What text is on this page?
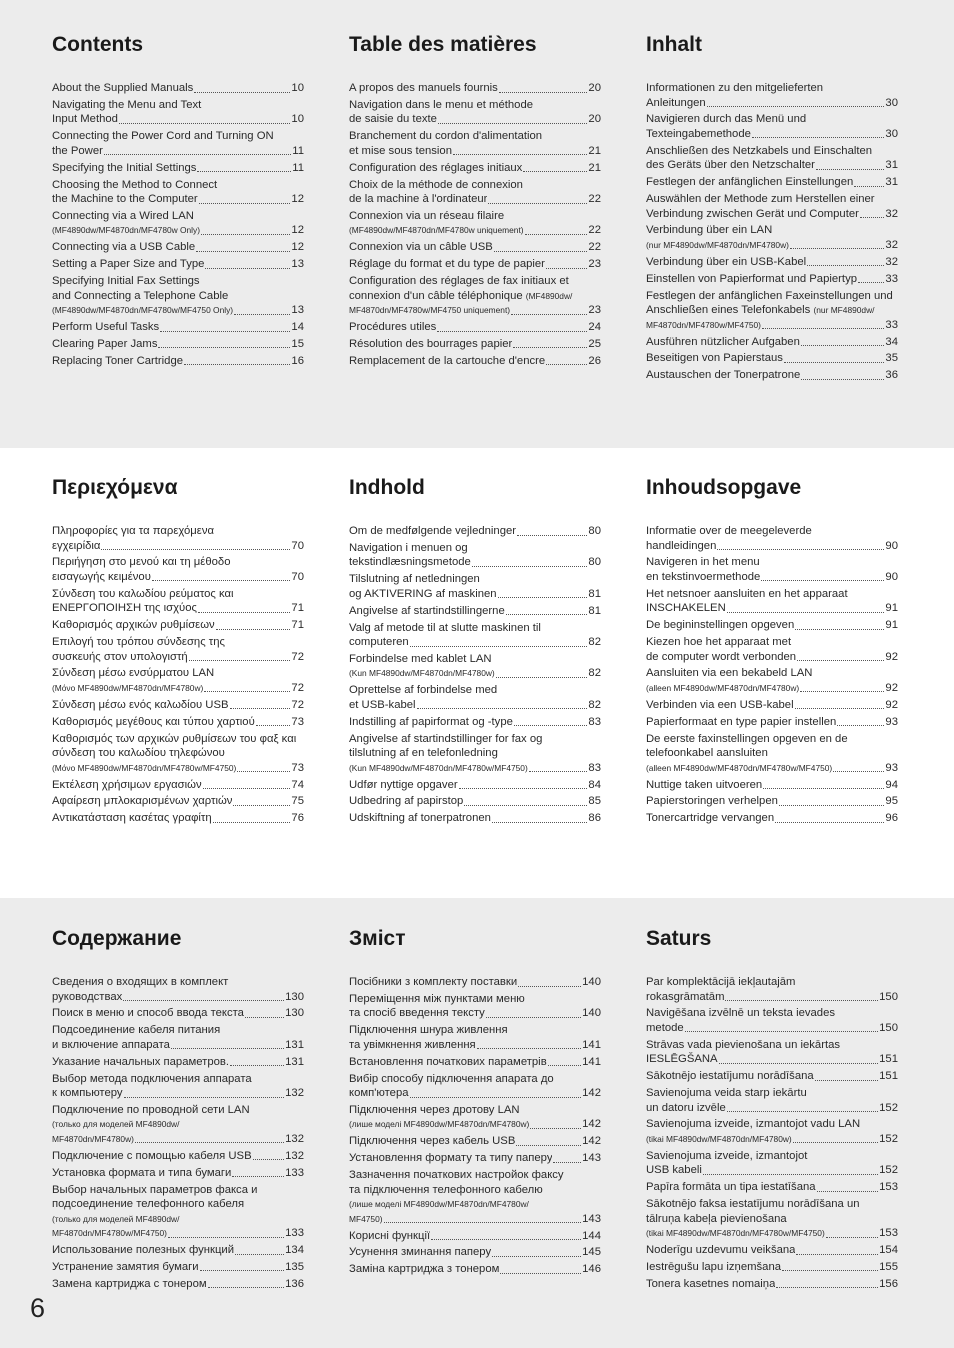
Contents
About the Supplied Manuals	10
Navigating the Menu and Text
Input Method	10
Connecting the Power Cord and Turning ON
the Power	11
Specifying the Initial Settings	11
Choosing the Method to Connect
the Machine to the Computer	12
Connecting via a Wired LAN
(MF4890dw/MF4870dn/MF4780w Only)	12
Connecting via a USB Cable	12
Setting a Paper Size and Type	13
Specifying Initial Fax Settings
and Connecting a Telephone Cable
(MF4890dw/MF4870dn/MF4780w/MF4750 Only)	13
Perform Useful Tasks	14
Clearing Paper Jams	15
Replacing Toner Cartridge	16
Table des matières
A propos des manuels fournis	20
Navigation dans le menu et méthode
de saisie du texte	20
Branchement du cordon d'alimentation
et mise sous tension	21
Configuration des réglages initiaux	21
Choix de la méthode de connexion
de la machine à l'ordinateur	22
Connexion via un réseau filaire
(MF4890dw/MF4870dn/MF4780w uniquement)	22
Connexion via un câble USB	22
Réglage du format et du type de papier	23
Configuration des réglages de fax initiaux et
connexion d'un câble téléphonique (MF4890dw/
MF4870dn/MF4780w/MF4750 uniquement)	23
Procédures utiles	24
Résolution des bourrages papier	25
Remplacement de la cartouche d'encre	26
Inhalt
Informationen zu den mitgelieferten
Anleitungen	30
Navigieren durch das Menü und
Texteingabemethode	30
Anschließen des Netzkabels und Einschalten
des Geräts über den Netzschalter	31
Festlegen der anfänglichen Einstellungen	31
Auswählen der Methode zum Herstellen einer
Verbindung zwischen Gerät und Computer 32
Verbindung über ein LAN
(nur MF4890dw/MF4870dn/MF4780w)	32
Verbindung über ein USB-Kabel	32
Einstellen von Papierformat und Papiertyp	33
Festlegen der anfänglichen Faxeinstellungen und
Anschließen eines Telefonkabels (nur MF4890dw/
MF4870dn/MF4780w/MF4750)	33
Ausführen nützlicher Aufgaben	34
Beseitigen von Papierstaus	35
Austauschen der Tonerpatrone	36
Περιεχόμενα
Πληροφορίες για τα παρεχόμενα
εγχειρίδια	70
Περιήγηση στο μενού και τη μέθοδο
εισαγωγής κειμένου	70
Σύνδεση του καλωδίου ρεύματος και
ΕΝΕΡΓΟΠΟΙΗΣΗ της ισχύος	71
Καθορισμός αρχικών ρυθμίσεων	71
Επιλογή του τρόπου σύνδεσης της
συσκευής στον υπολογιστή	72
Σύνδεση μέσω ενσύρματου LAN
(Μόνο MF4890dw/MF4870dn/MF4780w)	72
Σύνδεση μέσω ενός καλωδίου USB	72
Καθορισμός μεγέθους και τύπου χαρτιού	73
Καθορισμός των αρχικών ρυθμίσεων του φαξ και
σύνδεση του καλωδίου τηλεφώνου
(Μόνο MF4890dw/MF4870dn/MF4780w/MF4750)	73
Εκτέλεση χρήσιμων εργασιών	74
Αφαίρεση μπλοκαρισμένων χαρτιών	75
Αντικατάσταση κασέτας γραφίτη	76
Indhold
Om de medfølgende vejledninger	80
Navigation i menuen og
tekstindlæsningsmetode	80
Tilslutning af netledningen
og AKTIVERING af maskinen	81
Angivelse af startindstillingerne	81
Valg af metode til at slutte maskinen til
computeren	82
Forbindelse med kablet LAN
(Kun MF4890dw/MF4870dn/MF4780w)	82
Oprettelse af forbindelse med
et USB-kabel	82
Indstilling af papirformat og -type	83
Angivelse af startindstillinger for fax og
tilslutning af en telefonledning
(Kun MF4890dw/MF4870dn/MF4780w/MF4750)	83
Udfør nyttige opgaver	84
Udbedring af papirstop	85
Udskiftning af tonerpatronen	86
Inhoudsopgave
Informatie over de meegeleverde
handleidingen	90
Navigeren in het menu
en tekstinvoermethode	90
Het netsnoer aansluiten en het apparaat
INSCHAKELEN	91
De begininstellingen opgeven	91
Kiezen hoe het apparaat met
de computer wordt verbonden	92
Aansluiten via een bekabeld LAN
(alleen MF4890dw/MF4870dn/MF4780w)	92
Verbinden via een USB-kabel	92
Papierformaat en type papier instellen	93
De eerste faxinstellingen opgeven en de
telefoonkabel aansluiten
(alleen MF4890dw/MF4870dn/MF4780w/MF4750)	93
Nuttige taken uitvoeren	94
Papierstoringen verhelpen	95
Tonercartridge vervangen	96
Содержание
Сведения о входящих в комплект
руководствах	130
Поиск в меню и способ ввода текста	130
Подсоединение кабеля питания
и включение аппарата	131
Указание начальных параметров.	131
Выбор метода подключения аппарата
к компьютеру	132
Подключение по проводной сети LAN
(только для моделей MF4890dw/
MF4870dn/MF4780w)	132
Подключение с помощью кабеля USB	132
Установка формата и типа бумаги	133
Выбор начальных параметров факса и
подсоединение телефонного кабеля
(только для моделей MF4890dw/
MF4870dn/MF4780w/MF4750)	133
Использование полезных функций	134
Устранение замятия бумаги	135
Замена картриджа с тонером	136
Зміст
Посібники з комплекту поставки	140
Переміщення між пунктами меню
та спосіб введення тексту	140
Підключення шнура живлення
та увімкнення живлення	141
Встановлення початкових параметрів	141
Вибір способу підключення апарата до
комп'ютера	142
Підключення через дротову LAN
(лише моделі MF4890dw/MF4870dn/MF4780w)	142
Підключення через кабель USB	142
Установлення формату та типу паперу	143
Зазначення початкових настройок факсу
та підключення телефонного кабелю
(лише моделі MF4890dw/MF4870dn/MF4780w/
MF4750)	143
Корисні функції	144
Усунення зминання паперу	145
Заміна картриджа з тонером	146
Saturs
Par komplektācijā iekļautajām
rokasgrāmatām	150
Navigēšana izvēlnē un teksta ievades
metode	150
Strāvas vada pievienošana un iekārtas
IESLĒGŠANA	151
Sākotnējo iestatījumu norādīšana	151
Savienojuma veida starp iekārtu
un datoru izvēle	152
Savienojuma izveide, izmantojot vadu LAN
(tikai MF4890dw/MF4870dn/MF4780w)	152
Savienojuma izveide, izmantojot
USB kabeli	152
Papīra formāta un tipa iestatīšana	153
Sākotnējo faksa iestatījumu norādīšana un
tālruņa kabeļa pievienošana
(tikai MF4890dw/MF4870dn/MF4780w/MF4750)	153
Noderīgu uzdevumu veikšana	154
Iestrēgušu lapu izņemšana	155
Tonera kasetnes nomaiņa	156
6
